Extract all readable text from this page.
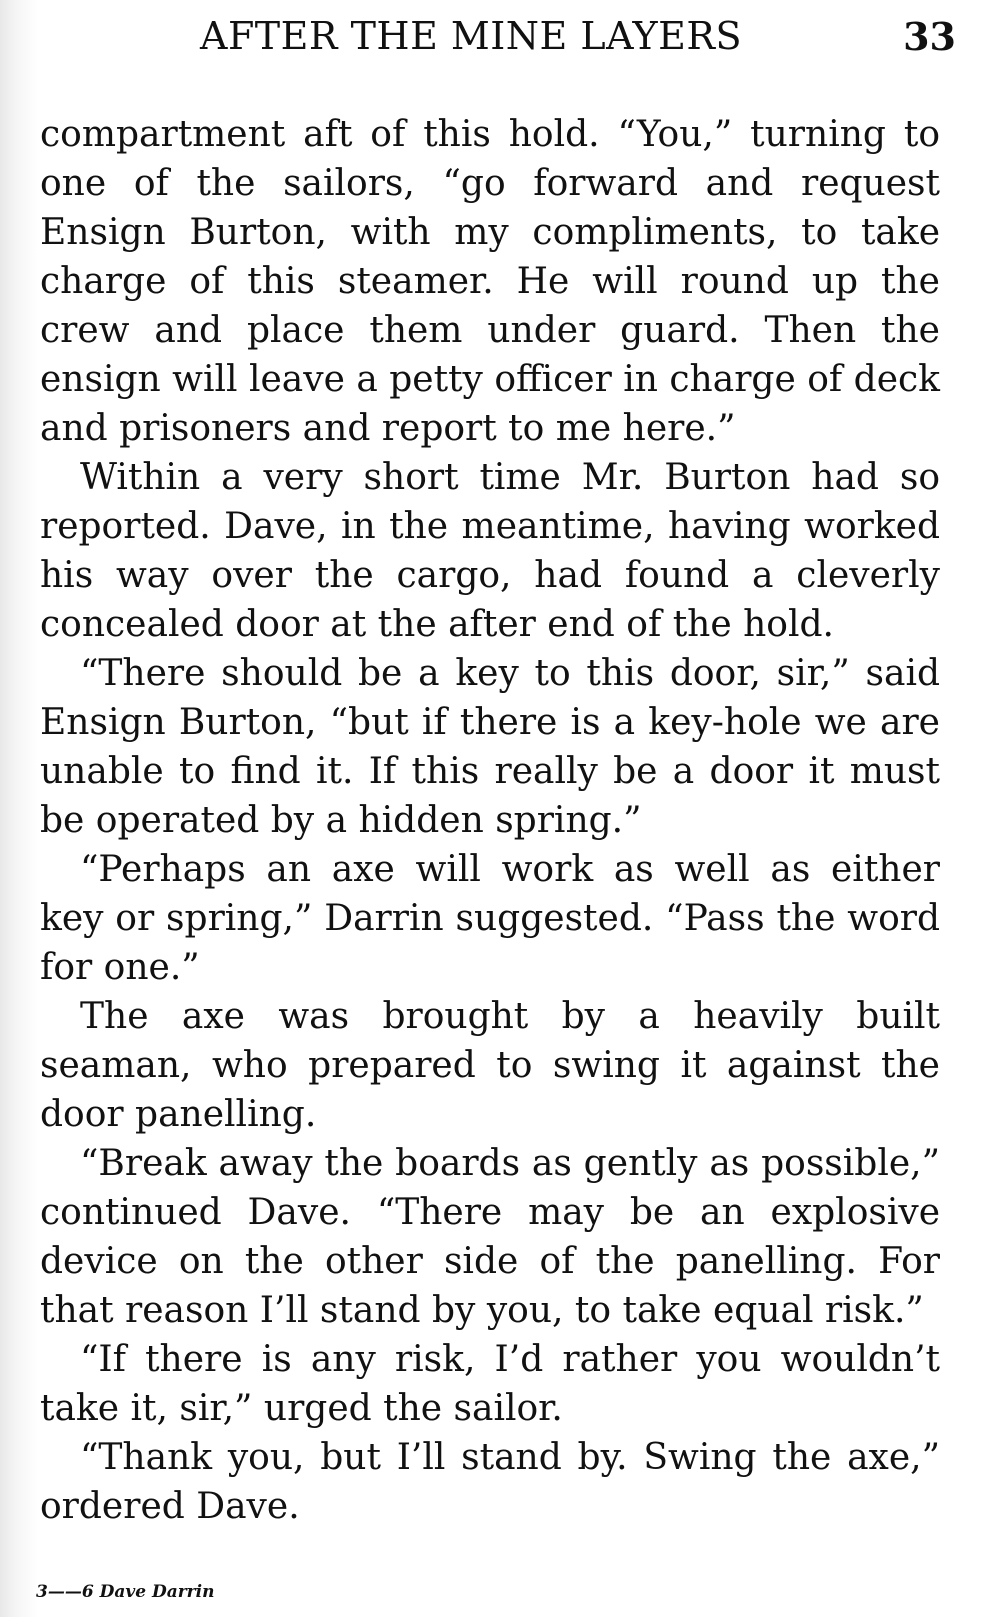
AFTER THE MINE LAYERS	33

compartment aft of this hold. “You,” turning to one of the sailors, “go forward and request Ensign Burton, with my compliments, to take charge of this steamer. He will round up the crew and place them under guard. Then the ensign will leave a petty officer in charge of deck and prisoners and report to me here.”

Within a very short time Mr. Burton had so reported. Dave, in the meantime, having worked his way over the cargo, had found a cleverly concealed door at the after end of the hold.

“There should be a key to this door, sir,” said Ensign Burton, “but if there is a key-hole we are unable to find it. If this really be a door it must be operated by a hidden spring.”

“Perhaps an axe will work as well as either key or spring,” Darrin suggested. “Pass the word for one.”

The axe was brought by a heavily built seaman, who prepared to swing it against the door panelling.

“Break away the boards as gently as possible,” continued Dave. “There may be an explosive device on the other side of the panelling. For that reason I’ll stand by you, to take equal risk.”

“If there is any risk, I’d rather you wouldn’t take it, sir,” urged the sailor.

“Thank you, but I’ll stand by. Swing the axe,” ordered Dave.

3——6 Dave Darrin
